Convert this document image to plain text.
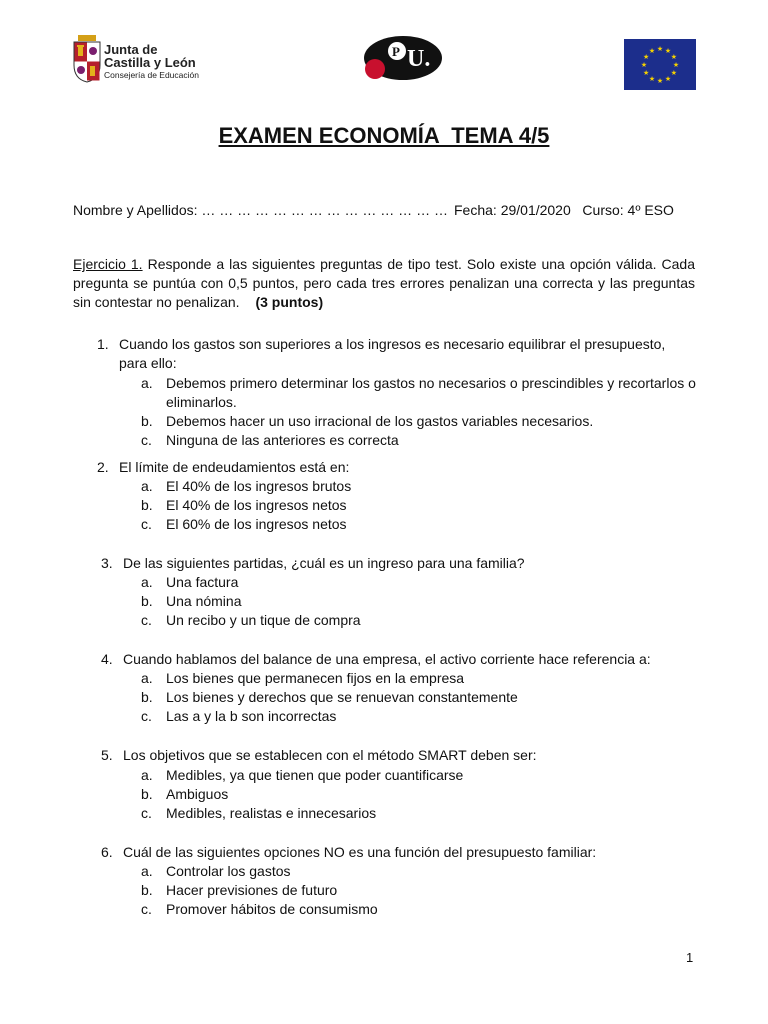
Junta de
Castilla y León
Consejería de Educación
P U.	★ ★
★
★
★
★
★
★
★
★
★
★
EXAMEN ECONOMÍA  TEMA 4/5
Nombre y Apellidos: … … … … … … … … … … … … … … Fecha: 29/01/2020   Curso: 4º ESO
Ejercicio 1. Responde a las siguientes preguntas de tipo test. Solo existe una opción válida. Cada pregunta se puntúa con 0,5 puntos, pero cada tres errores penalizan una correcta y las preguntas sin contestar no penalizan. (3 puntos)
1. Cuando los gastos son superiores a los ingresos es necesario equilibrar el presupuesto, para ello:
a. Debemos primero determinar los gastos no necesarios o prescindibles y recortarlos o eliminarlos.
b. Debemos hacer un uso irracional de los gastos variables necesarios.
c. Ninguna de las anteriores es correcta
2. El límite de endeudamientos está en:
a. El 40% de los ingresos brutos
b. El 40% de los ingresos netos
c. El 60% de los ingresos netos
3. De las siguientes partidas, ¿cuál es un ingreso para una familia?
a. Una factura
b. Una nómina
c. Un recibo y un tique de compra
4. Cuando hablamos del balance de una empresa, el activo corriente hace referencia a:
a. Los bienes que permanecen fijos en la empresa
b. Los bienes y derechos que se renuevan constantemente
c. Las a y la b son incorrectas
5. Los objetivos que se establecen con el método SMART deben ser:
a. Medibles, ya que tienen que poder cuantificarse
b. Ambiguos
c. Medibles, realistas e innecesarios
6. Cuál de las siguientes opciones NO es una función del presupuesto familiar:
a. Controlar los gastos
b. Hacer previsiones de futuro
c. Promover hábitos de consumismo
1
